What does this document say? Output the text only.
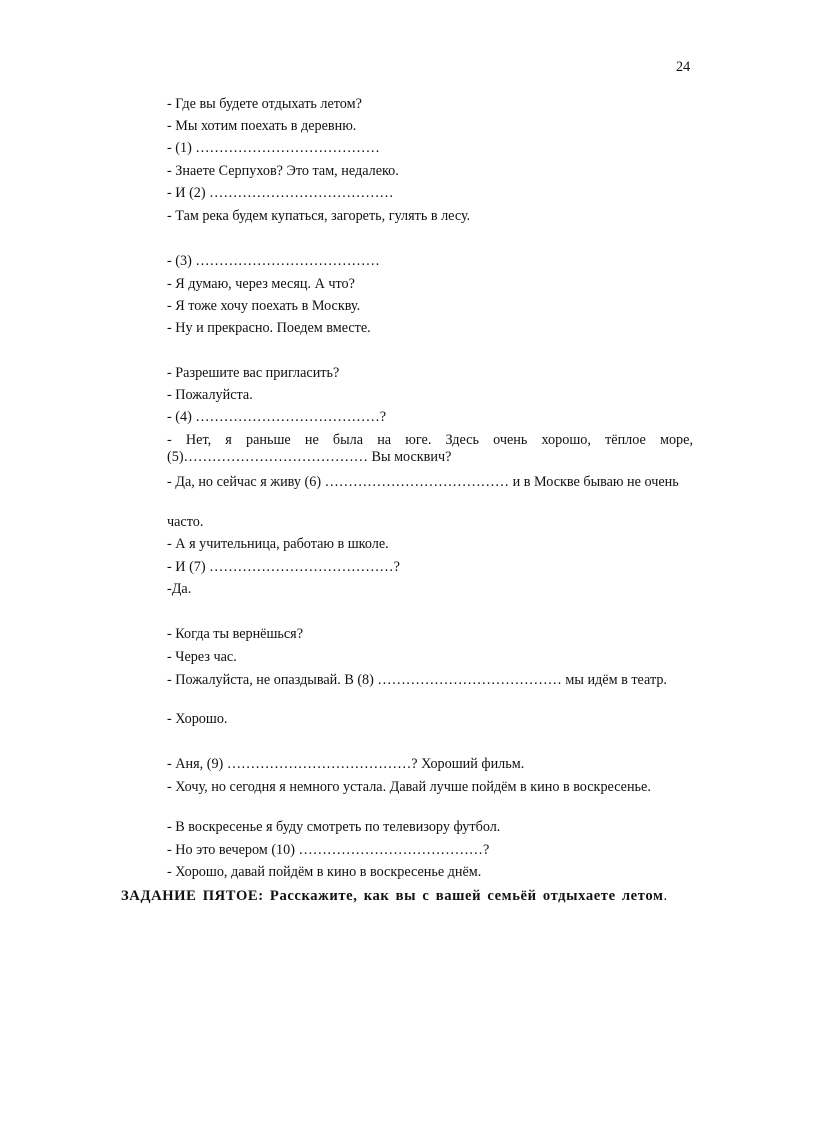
24
- Где вы будете отдыхать летом?
- Мы хотим поехать в деревню.
- (1) …………………………………
- Знаете Серпухов? Это там, недалеко.
- И (2) …………………………………
- Там река будем купаться, загореть, гулять в лесу.
- (3) …………………………………
- Я думаю, через месяц. А что?
- Я тоже хочу поехать в Москву.
- Ну и прекрасно. Поедем вместе.
- Разрешите вас пригласить?
- Пожалуйста.
- (4) …………………………………?
- Нет, я раньше не была на юге. Здесь очень хорошо, тёплое море, (5)………………………………… Вы москвич?
- Да, но сейчас я живу (6) ………………………………… и в Москве бываю не очень
часто.
- А я учительница, работаю в школе.
- И (7) …………………………………?
-Да.
- Когда ты вернёшься?
- Через час.
- Пожалуйста, не опаздывай. В (8) ………………………………… мы идём в театр.
- Хорошо.
- Аня, (9) …………………………………? Хороший фильм.
- Хочу, но сегодня я немного устала. Давай лучше пойдём в кино в воскресенье.
- В воскресенье я буду смотреть по телевизору футбол.
- Но это вечером (10) …………………………………?
- Хорошо, давай пойдём в кино в воскресенье днём.
ЗАДАНИЕ ПЯТОЕ: Расскажите, как вы с вашей семьёй отдыхаете летом.
